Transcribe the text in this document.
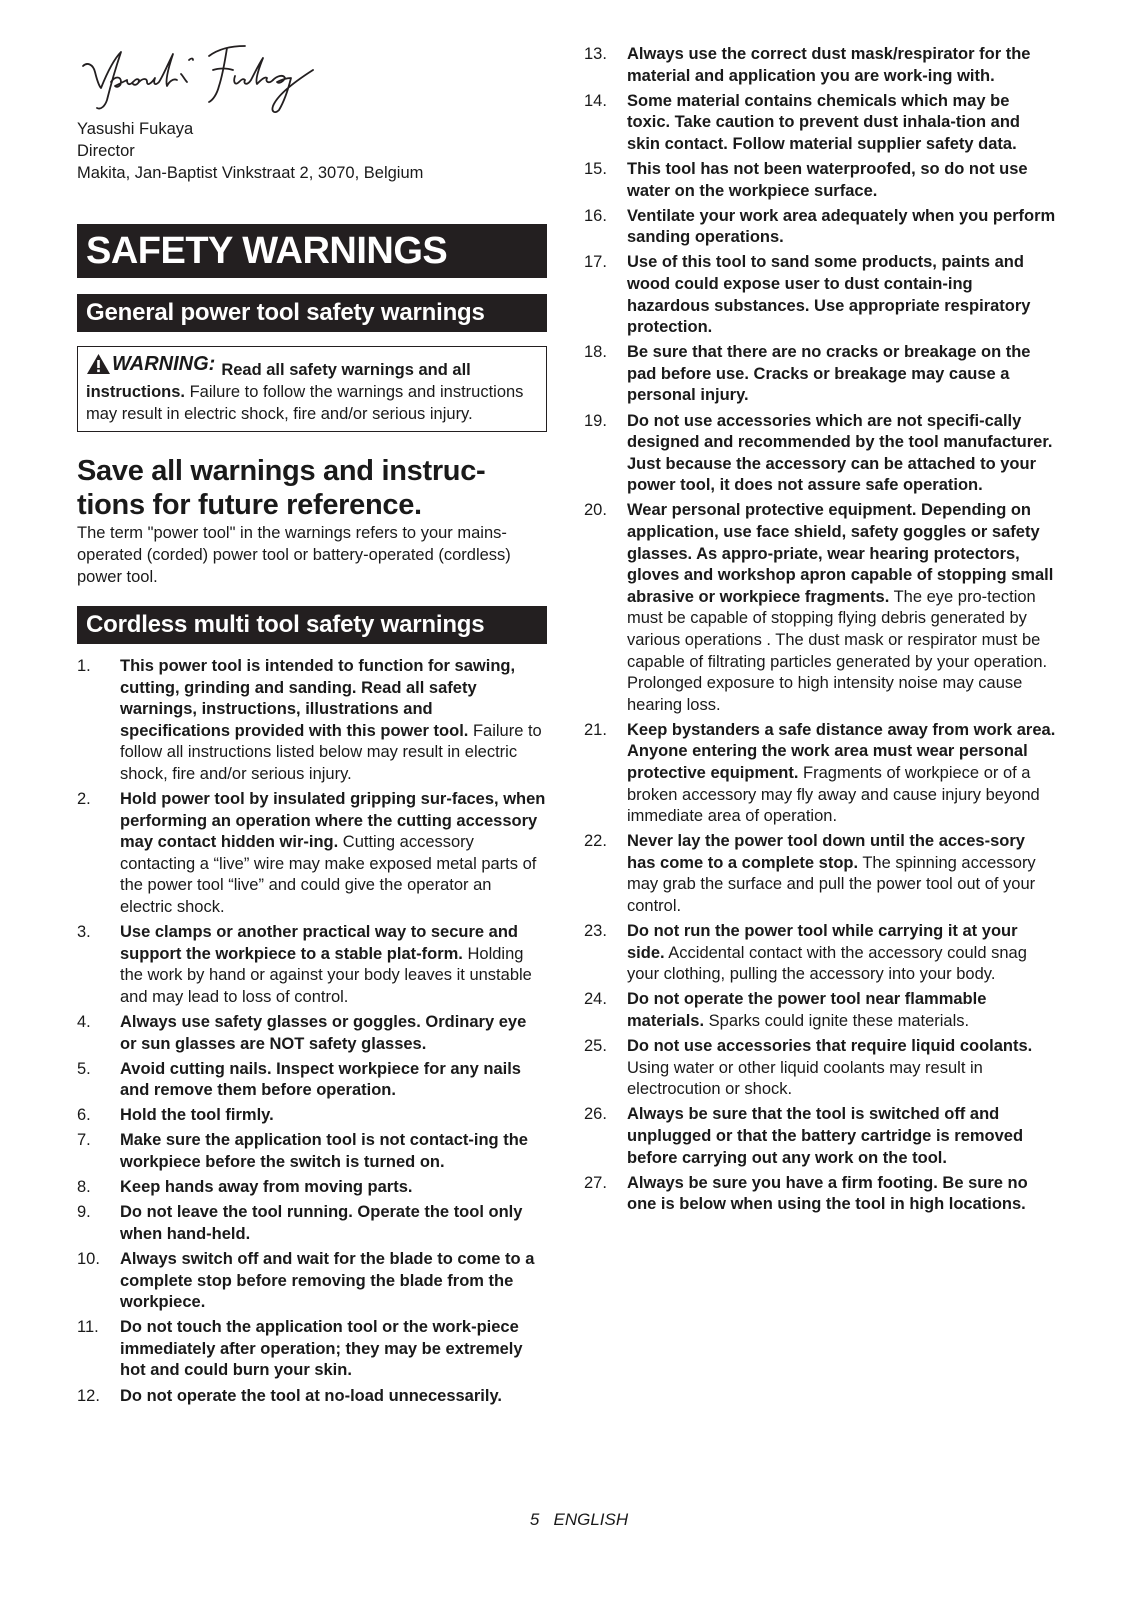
Yasushi Fukaya
Director
Makita, Jan-Baptist Vinkstraat 2, 3070, Belgium
SAFETY WARNINGS
General power tool safety warnings
WARNING: Read all safety warnings and all instructions. Failure to follow the warnings and instructions may result in electric shock, fire and/or serious injury.
Save all warnings and instruc-tions for future reference.
The term "power tool" in the warnings refers to your mains-operated (corded) power tool or battery-operated (cordless) power tool.
Cordless multi tool safety warnings
1.	This power tool is intended to function for sawing, cutting, grinding and sanding. Read all safety warnings, instructions, illustrations and specifications provided with this power tool. Failure to follow all instructions listed below may result in electric shock, fire and/or serious injury.
2.	Hold power tool by insulated gripping sur-faces, when performing an operation where the cutting accessory may contact hidden wir-ing. Cutting accessory contacting a “live” wire may make exposed metal parts of the power tool “live” and could give the operator an electric shock.
3.	Use clamps or another practical way to secure and support the workpiece to a stable plat-form. Holding the work by hand or against your body leaves it unstable and may lead to loss of control.
4.	Always use safety glasses or goggles. Ordinary eye or sun glasses are NOT safety glasses.
5.	Avoid cutting nails. Inspect workpiece for any nails and remove them before operation.
6.	Hold the tool firmly.
7.	Make sure the application tool is not contact-ing the workpiece before the switch is turned on.
8.	Keep hands away from moving parts.
9.	Do not leave the tool running. Operate the tool only when hand-held.
10.	Always switch off and wait for the blade to come to a complete stop before removing the blade from the workpiece.
11.	Do not touch the application tool or the work-piece immediately after operation; they may be extremely hot and could burn your skin.
12.	Do not operate the tool at no-load unnecessarily.
13.	Always use the correct dust mask/respirator for the material and application you are work-ing with.
14.	Some material contains chemicals which may be toxic. Take caution to prevent dust inhala-tion and skin contact. Follow material supplier safety data.
15.	This tool has not been waterproofed, so do not use water on the workpiece surface.
16.	Ventilate your work area adequately when you perform sanding operations.
17.	Use of this tool to sand some products, paints and wood could expose user to dust contain-ing hazardous substances. Use appropriate respiratory protection.
18.	Be sure that there are no cracks or breakage on the pad before use. Cracks or breakage may cause a personal injury.
19.	Do not use accessories which are not specifi-cally designed and recommended by the tool manufacturer. Just because the accessory can be attached to your power tool, it does not assure safe operation.
20.	Wear personal protective equipment. Depending on application, use face shield, safety goggles or safety glasses. As appro-priate, wear hearing protectors, gloves and workshop apron capable of stopping small abrasive or workpiece fragments. The eye pro-tection must be capable of stopping flying debris generated by various operations . The dust mask or respirator must be capable of filtrating particles generated by your operation. Prolonged exposure to high intensity noise may cause hearing loss.
21.	Keep bystanders a safe distance away from work area. Anyone entering the work area must wear personal protective equipment. Fragments of workpiece or of a broken accessory may fly away and cause injury beyond immediate area of operation.
22.	Never lay the power tool down until the acces-sory has come to a complete stop. The spinning accessory may grab the surface and pull the power tool out of your control.
23.	Do not run the power tool while carrying it at your side. Accidental contact with the accessory could snag your clothing, pulling the accessory into your body.
24.	Do not operate the power tool near flammable materials. Sparks could ignite these materials.
25.	Do not use accessories that require liquid coolants. Using water or other liquid coolants may result in electrocution or shock.
26.	Always be sure that the tool is switched off and unplugged or that the battery cartridge is removed before carrying out any work on the tool.
27.	Always be sure you have a firm footing. Be sure no one is below when using the tool in high locations.
5   ENGLISH
